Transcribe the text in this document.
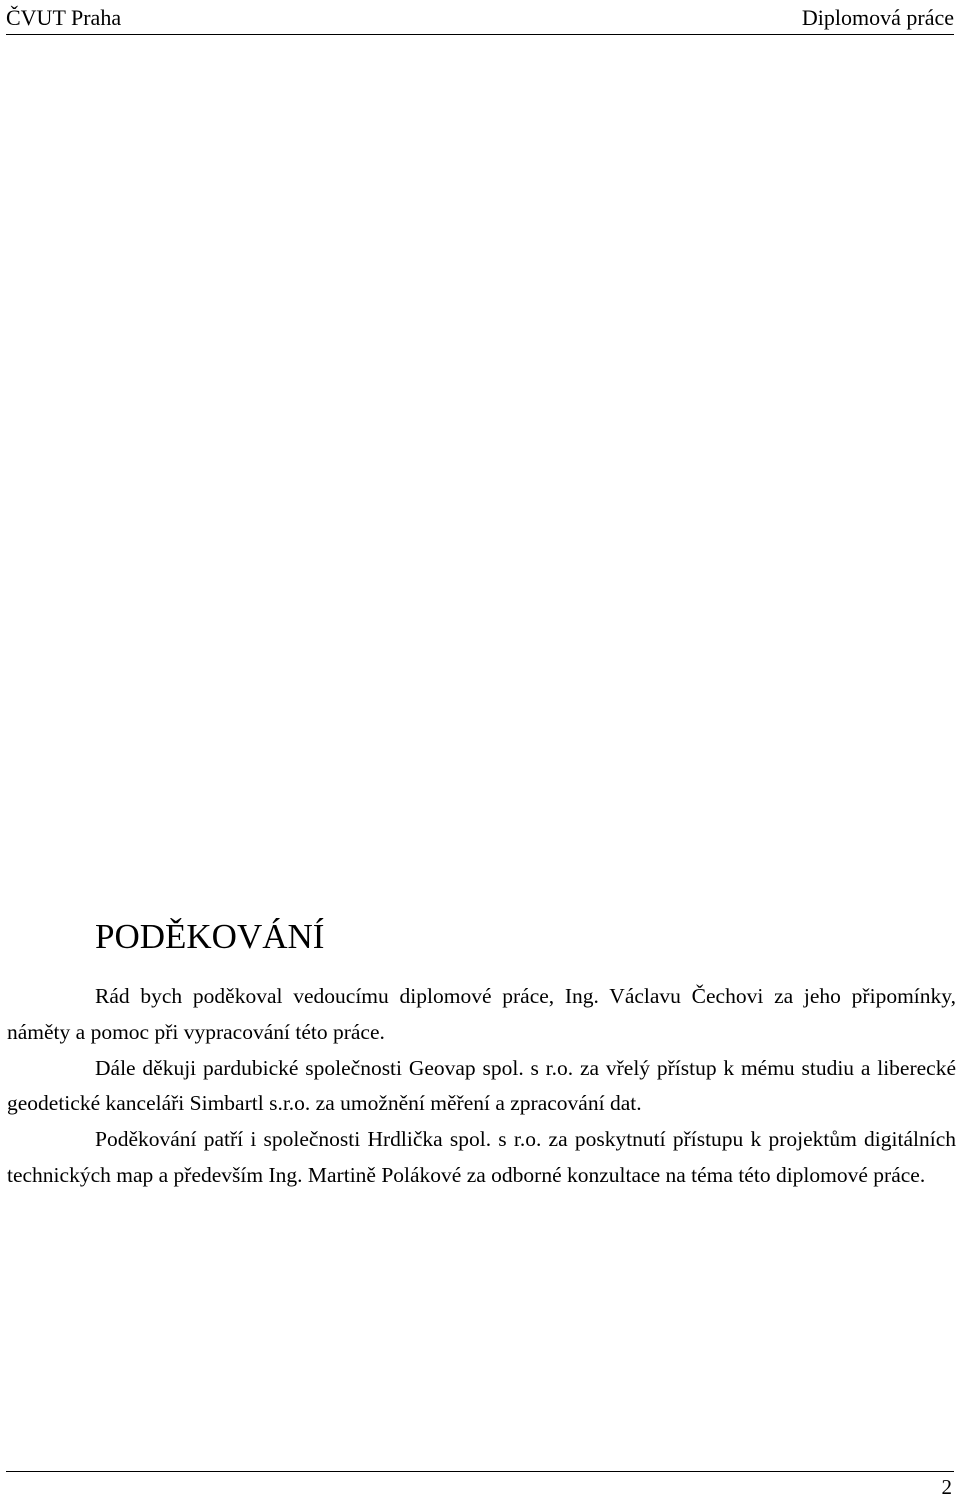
ČVUT Praha	Diplomová práce
PODĚKOVÁNÍ

Rád bych poděkoval vedoucímu diplomové práce, Ing. Václavu Čechovi za jeho připomínky, náměty a pomoc při vypracování této práce.

Dále děkuji pardubické společnosti Geovap spol. s r.o. za vřelý přístup k mému studiu a liberecké geodetické kanceláři Simbartl s.r.o. za umožnění měření a zpracování dat.

Poděkování patří i společnosti Hrdlička spol. s r.o. za poskytnutí přístupu k projektům digitálních technických map a především Ing. Martině Polákové za odborné konzultace na téma této diplomové práce.

2
